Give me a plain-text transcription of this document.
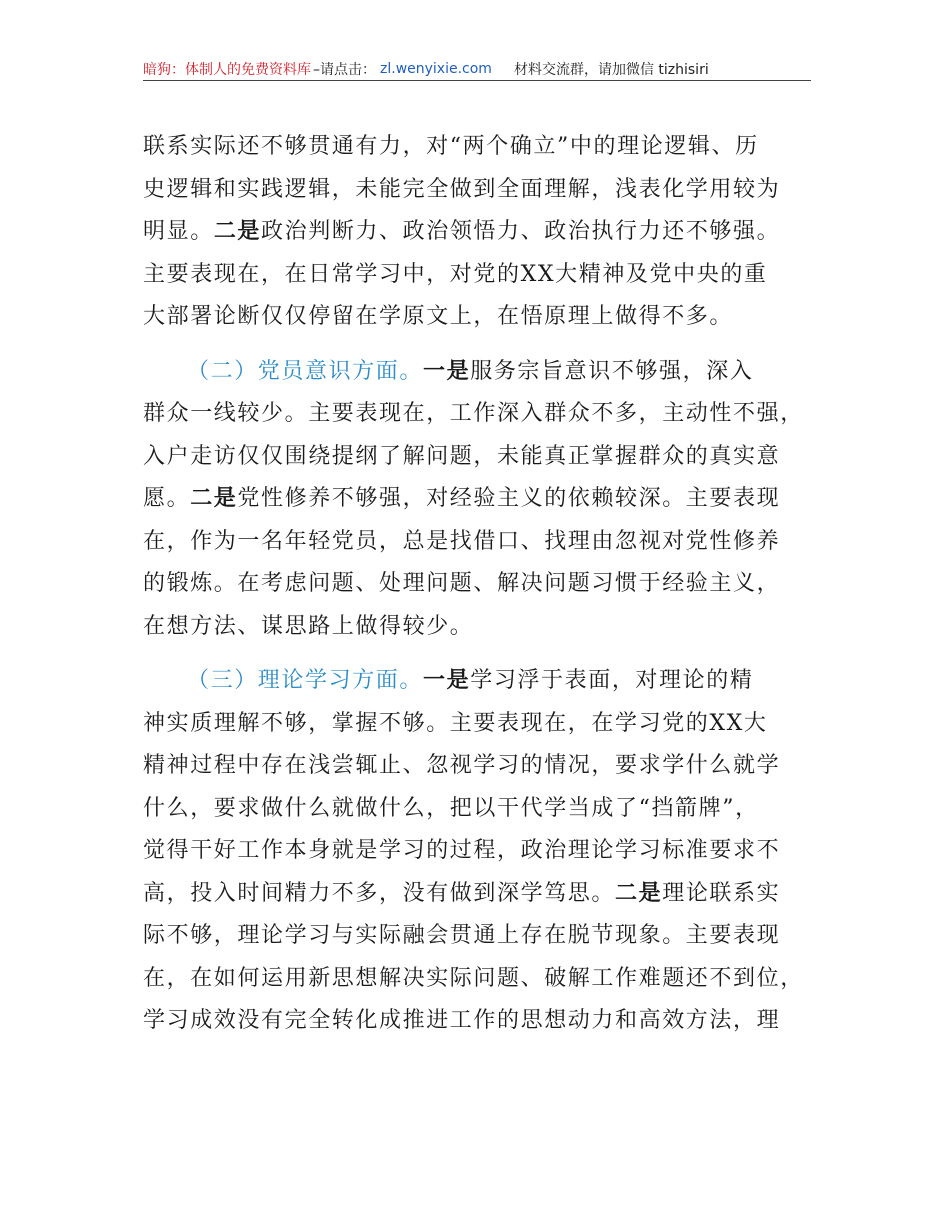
暗狗：体制人的免费资料库 –请点击： zl.wenyixie.com 材料交流群，请加微信 tizhisiri
联系实际还不够贯通有力，对“两个确立”中的理论逻辑、历
史逻辑和实践逻辑，未能完全做到全面理解，浅表化学用较为
明显。二是政治判断力、政治领悟力、政治执行力还不够强。
主要表现在，在日常学习中，对党的XX大精神及党中央的重
大部署论断仅仅停留在学原文上，在悟原理上做得不多。
（二）党员意识方面。一是服务宗旨意识不够强，深入
群众一线较少。主要表现在，工作深入群众不多，主动性不强，
入户走访仅仅围绕提纲了解问题，未能真正掌握群众的真实意
愿。二是党性修养不够强，对经验主义的依赖较深。主要表现
在，作为一名年轻党员，总是找借口、找理由忽视对党性修养
的锻炼。在考虑问题、处理问题、解决问题习惯于经验主义，
在想方法、谋思路上做得较少。
（三）理论学习方面。一是学习浮于表面，对理论的精
神实质理解不够，掌握不够。主要表现在，在学习党的XX大
精神过程中存在浅尝辄止、忽视学习的情况，要求学什么就学
什么，要求做什么就做什么，把以干代学当成了“挡箭牌”，
觉得干好工作本身就是学习的过程，政治理论学习标准要求不
高，投入时间精力不多，没有做到深学笃思。二是理论联系实
际不够，理论学习与实际融会贯通上存在脱节现象。主要表现
在，在如何运用新思想解决实际问题、破解工作难题还不到位，
学习成效没有完全转化成推进工作的思想动力和高效方法，理
